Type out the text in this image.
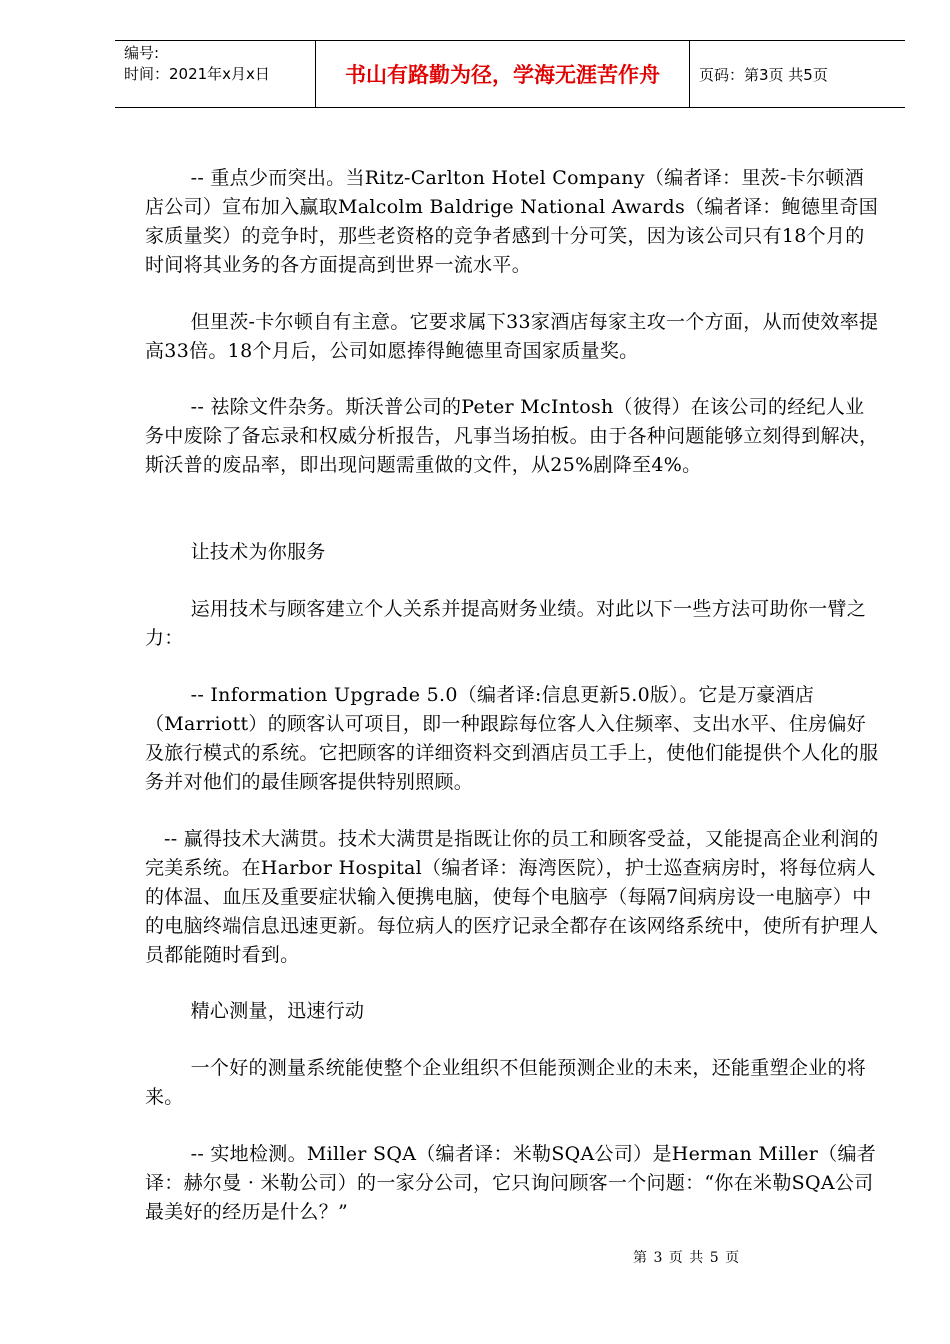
编号:
时间：2021年x月x日	书山有路勤为径，学海无涯苦作舟	页码：第3页 共5页

-- 重点少而突出。当Ritz-Carlton Hotel Company（编者译：里茨-卡尔顿酒店公司）宣布加入赢取Malcolm Baldrige National Awards（编者译：鲍德里奇国家质量奖）的竞争时，那些老资格的竞争者感到十分可笑，因为该公司只有18个月的时间将其业务的各方面提高到世界一流水平。

但里茨-卡尔顿自有主意。它要求属下33家酒店每家主攻一个方面，从而使效率提高33倍。18个月后，公司如愿捧得鲍德里奇国家质量奖。

-- 祛除文件杂务。斯沃普公司的Peter McIntosh（彼得）在该公司的经纪人业务中废除了备忘录和权威分析报告，凡事当场拍板。由于各种问题能够立刻得到解决，斯沃普的废品率，即出现问题需重做的文件，从25%剧降至4%。

让技术为你服务

运用技术与顾客建立个人关系并提高财务业绩。对此以下一些方法可助你一臂之力：

-- Information Upgrade 5.0（编者译:信息更新5.0版）。它是万豪酒店（Marriott）的顾客认可项目，即一种跟踪每位客人入住频率、支出水平、住房偏好及旅行模式的系统。它把顾客的详细资料交到酒店员工手上，使他们能提供个人化的服务并对他们的最佳顾客提供特别照顾。

-- 赢得技术大满贯。技术大满贯是指既让你的员工和顾客受益，又能提高企业利润的完美系统。在Harbor Hospital（编者译：海湾医院），护士巡查病房时，将每位病人的体温、血压及重要症状输入便携电脑，使每个电脑亭（每隔7间病房设一电脑亭）中的电脑终端信息迅速更新。每位病人的医疗记录全都存在该网络系统中，使所有护理人员都能随时看到。

精心测量，迅速行动

一个好的测量系统能使整个企业组织不但能预测企业的未来，还能重塑企业的将来。

-- 实地检测。Miller SQA（编者译：米勒SQA公司）是Herman Miller（编者译：赫尔曼 · 米勒公司）的一家分公司，它只询问顾客一个问题：“你在米勒SQA公司最美好的经历是什么？”

第 3 页 共 5 页
